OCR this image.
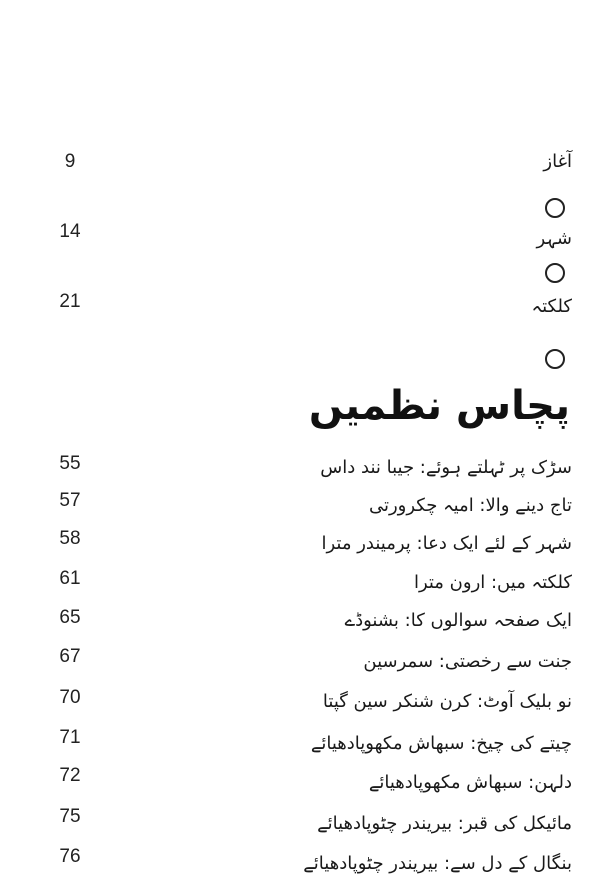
آغاز
9
شہر
14
کلکتہ
21
پچاس نظمیں
سڑک پر ٹہلتے ہوئے: جیبا نند داس
55
تاج دینے والا: امیہ چکرورتی
57
شہر کے لئے ایک دعا: پرمیندر مترا
58
کلکتہ میں: ارون مترا
61
ایک صفحہ سوالوں کا: بشنوڈے
65
جنت سے رخصتی: سمرسین
67
نو بلیک آوٹ: کرن شنکر سین گپتا
70
چیتے کی چیخ: سبھاش مکھوپادھیائے
71
دلہن: سبھاش مکھوپادھیائے
72
مائیکل کی قبر: بیریندر چٹوپادھیائے
75
بنگال کے دل سے: بیریندر چٹوپادھیائے
76
